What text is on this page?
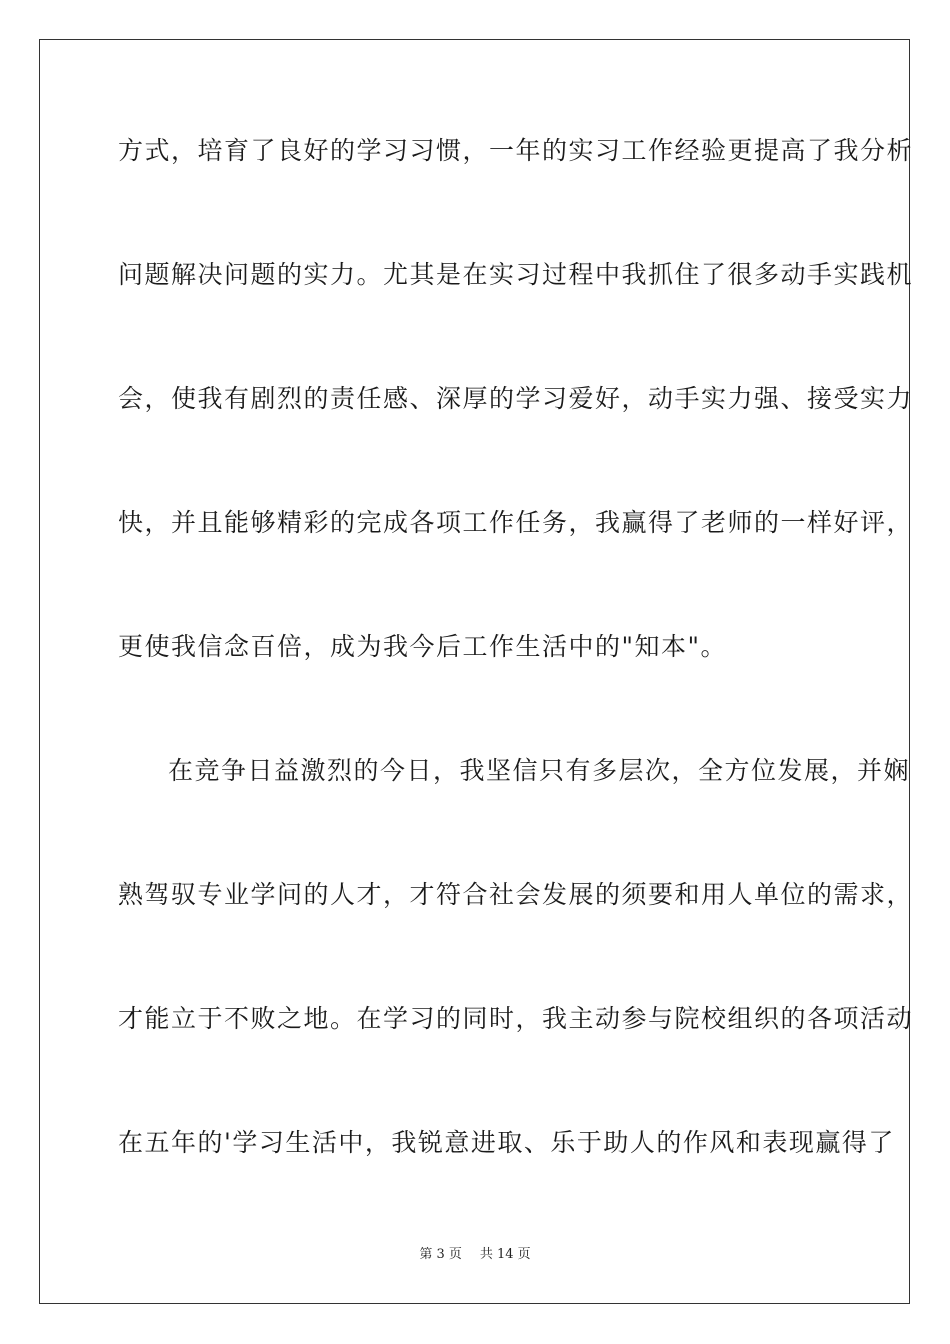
方式，培育了良好的学习习惯，一年的实习工作经验更提高了我分析
问题解决问题的实力。尤其是在实习过程中我抓住了很多动手实践机
会，使我有剧烈的责任感、深厚的学习爱好，动手实力强、接受实力
快，并且能够精彩的完成各项工作任务，我赢得了老师的一样好评，
更使我信念百倍，成为我今后工作生活中的"知本"。
在竞争日益激烈的今日，我坚信只有多层次，全方位发展，并娴
熟驾驭专业学问的人才，才符合社会发展的须要和用人单位的需求，
才能立于不败之地。在学习的同时，我主动参与院校组织的各项活动
在五年的'学习生活中，我锐意进取、乐于助人的作风和表现赢得了
第 3 页 共 14 页
